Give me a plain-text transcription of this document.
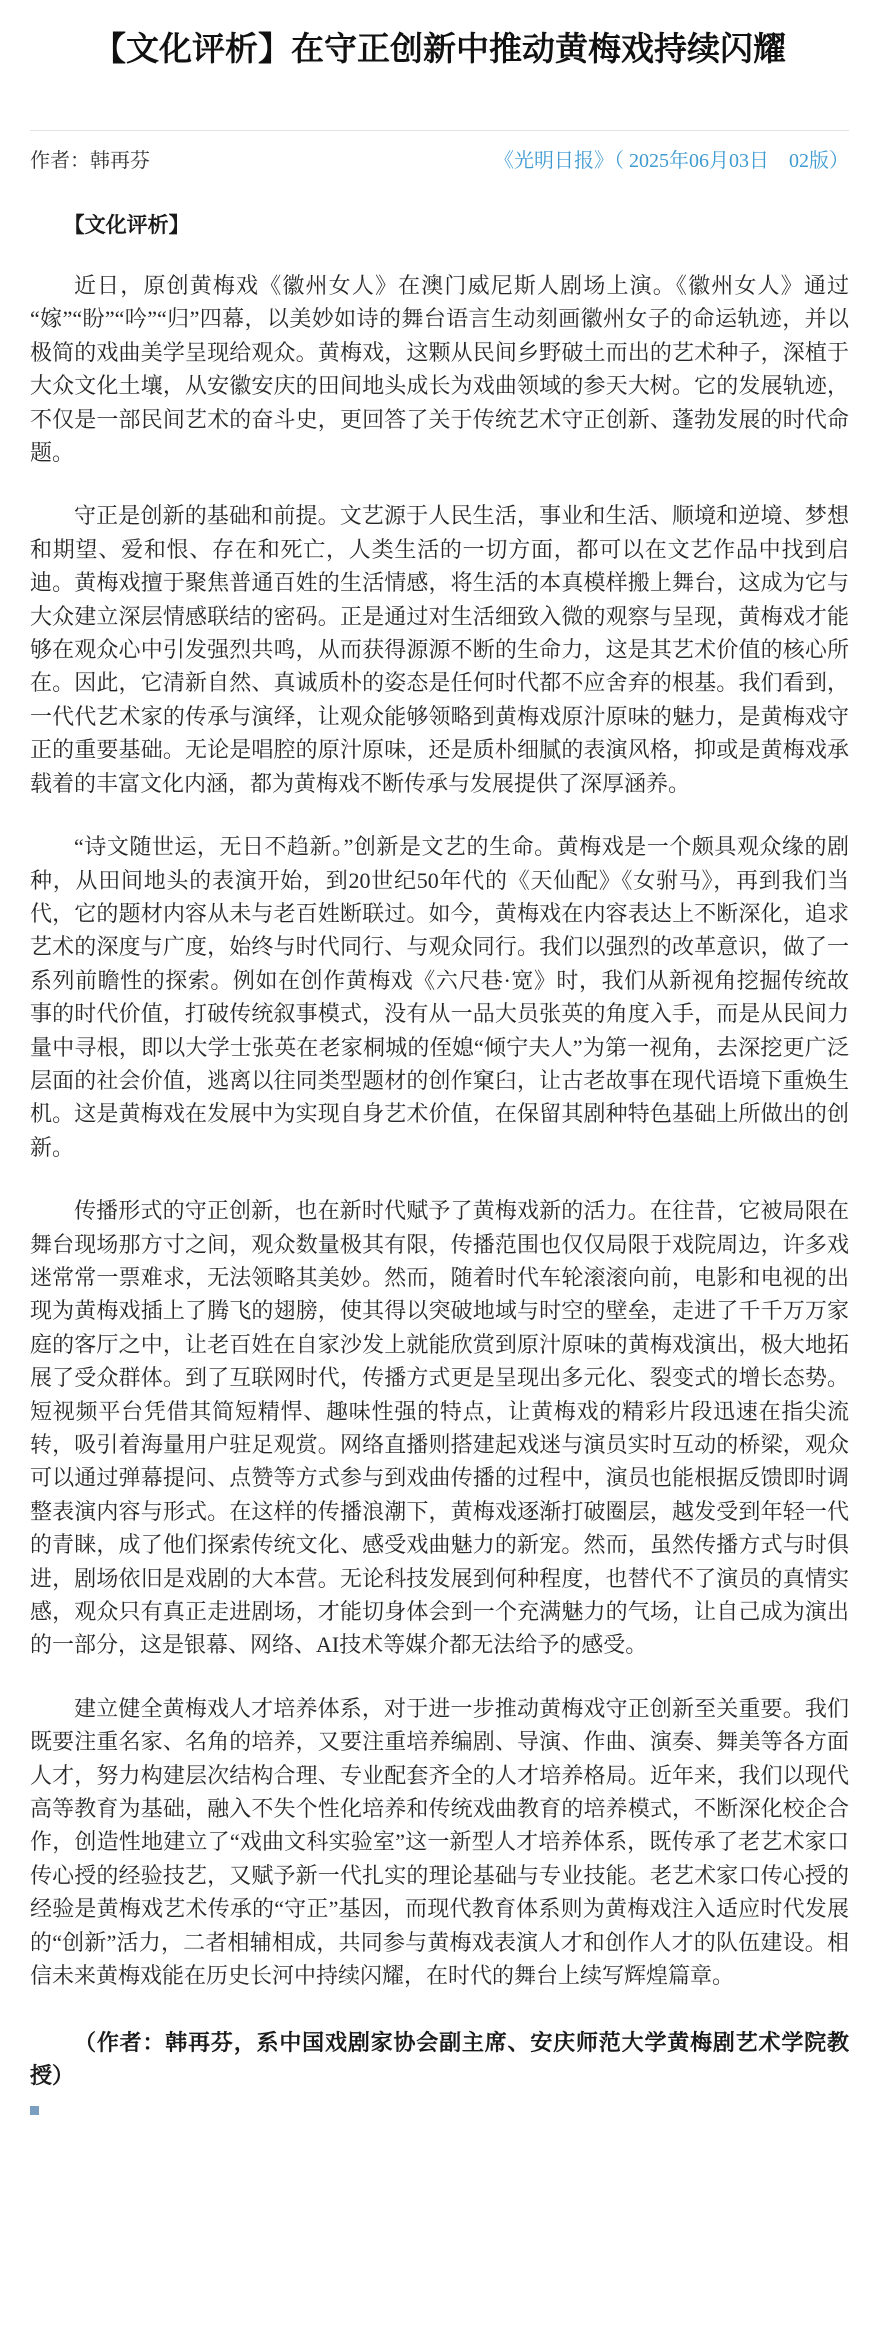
【文化评析】在守正创新中推动黄梅戏持续闪耀
作者：韩再芬	《光明日报》（ 2025年06月03日　02版）
【文化评析】

近日，原创黄梅戏《徽州女人》在澳门威尼斯人剧场上演。《徽州女人》通过“嫁”“盼”“吟”“归”四幕，以美妙如诗的舞台语言生动刻画徽州女子的命运轨迹，并以极简的戏曲美学呈现给观众。黄梅戏，这颗从民间乡野破土而出的艺术种子，深植于大众文化土壤，从安徽安庆的田间地头成长为戏曲领域的参天大树。它的发展轨迹，不仅是一部民间艺术的奋斗史，更回答了关于传统艺术守正创新、蓬勃发展的时代命题。

守正是创新的基础和前提。文艺源于人民生活，事业和生活、顺境和逆境、梦想和期望、爱和恨、存在和死亡，人类生活的一切方面，都可以在文艺作品中找到启迪。黄梅戏擅于聚焦普通百姓的生活情感，将生活的本真模样搬上舞台，这成为它与大众建立深层情感联结的密码。正是通过对生活细致入微的观察与呈现，黄梅戏才能够在观众心中引发强烈共鸣，从而获得源源不断的生命力，这是其艺术价值的核心所在。因此，它清新自然、真诚质朴的姿态是任何时代都不应舍弃的根基。我们看到，一代代艺术家的传承与演绎，让观众能够领略到黄梅戏原汁原味的魅力，是黄梅戏守正的重要基础。无论是唱腔的原汁原味，还是质朴细腻的表演风格，抑或是黄梅戏承载着的丰富文化内涵，都为黄梅戏不断传承与发展提供了深厚涵养。

“诗文随世运，无日不趋新。”创新是文艺的生命。黄梅戏是一个颇具观众缘的剧种，从田间地头的表演开始，到20世纪50年代的《天仙配》《女驸马》，再到我们当代，它的题材内容从未与老百姓断联过。如今，黄梅戏在内容表达上不断深化，追求艺术的深度与广度，始终与时代同行、与观众同行。我们以强烈的改革意识，做了一系列前瞻性的探索。例如在创作黄梅戏《六尺巷·宽》时，我们从新视角挖掘传统故事的时代价值，打破传统叙事模式，没有从一品大员张英的角度入手，而是从民间力量中寻根，即以大学士张英在老家桐城的侄媳“倾宁夫人”为第一视角，去深挖更广泛层面的社会价值，逃离以往同类型题材的创作窠臼，让古老故事在现代语境下重焕生机。这是黄梅戏在发展中为实现自身艺术价值，在保留其剧种特色基础上所做出的创新。

传播形式的守正创新，也在新时代赋予了黄梅戏新的活力。在往昔，它被局限在舞台现场那方寸之间，观众数量极其有限，传播范围也仅仅局限于戏院周边，许多戏迷常常一票难求，无法领略其美妙。然而，随着时代车轮滚滚向前，电影和电视的出现为黄梅戏插上了腾飞的翅膀，使其得以突破地域与时空的壁垒，走进了千千万万家庭的客厅之中，让老百姓在自家沙发上就能欣赏到原汁原味的黄梅戏演出，极大地拓展了受众群体。到了互联网时代，传播方式更是呈现出多元化、裂变式的增长态势。短视频平台凭借其简短精悍、趣味性强的特点，让黄梅戏的精彩片段迅速在指尖流转，吸引着海量用户驻足观赏。网络直播则搭建起戏迷与演员实时互动的桥梁，观众可以通过弹幕提问、点赞等方式参与到戏曲传播的过程中，演员也能根据反馈即时调整表演内容与形式。在这样的传播浪潮下，黄梅戏逐渐打破圈层，越发受到年轻一代的青睐，成了他们探索传统文化、感受戏曲魅力的新宠。然而，虽然传播方式与时俱进，剧场依旧是戏剧的大本营。无论科技发展到何种程度，也替代不了演员的真情实感，观众只有真正走进剧场，才能切身体会到一个充满魅力的气场，让自己成为演出的一部分，这是银幕、网络、AI技术等媒介都无法给予的感受。

建立健全黄梅戏人才培养体系，对于进一步推动黄梅戏守正创新至关重要。我们既要注重名家、名角的培养，又要注重培养编剧、导演、作曲、演奏、舞美等各方面人才，努力构建层次结构合理、专业配套齐全的人才培养格局。近年来，我们以现代高等教育为基础，融入不失个性化培养和传统戏曲教育的培养模式，不断深化校企合作，创造性地建立了“戏曲文科实验室”这一新型人才培养体系，既传承了老艺术家口传心授的经验技艺，又赋予新一代扎实的理论基础与专业技能。老艺术家口传心授的经验是黄梅戏艺术传承的“守正”基因，而现代教育体系则为黄梅戏注入适应时代发展的“创新”活力，二者相辅相成，共同参与黄梅戏表演人才和创作人才的队伍建设。相信未来黄梅戏能在历史长河中持续闪耀，在时代的舞台上续写辉煌篇章。

（作者：韩再芬，系中国戏剧家协会副主席、安庆师范大学黄梅剧艺术学院教授）
